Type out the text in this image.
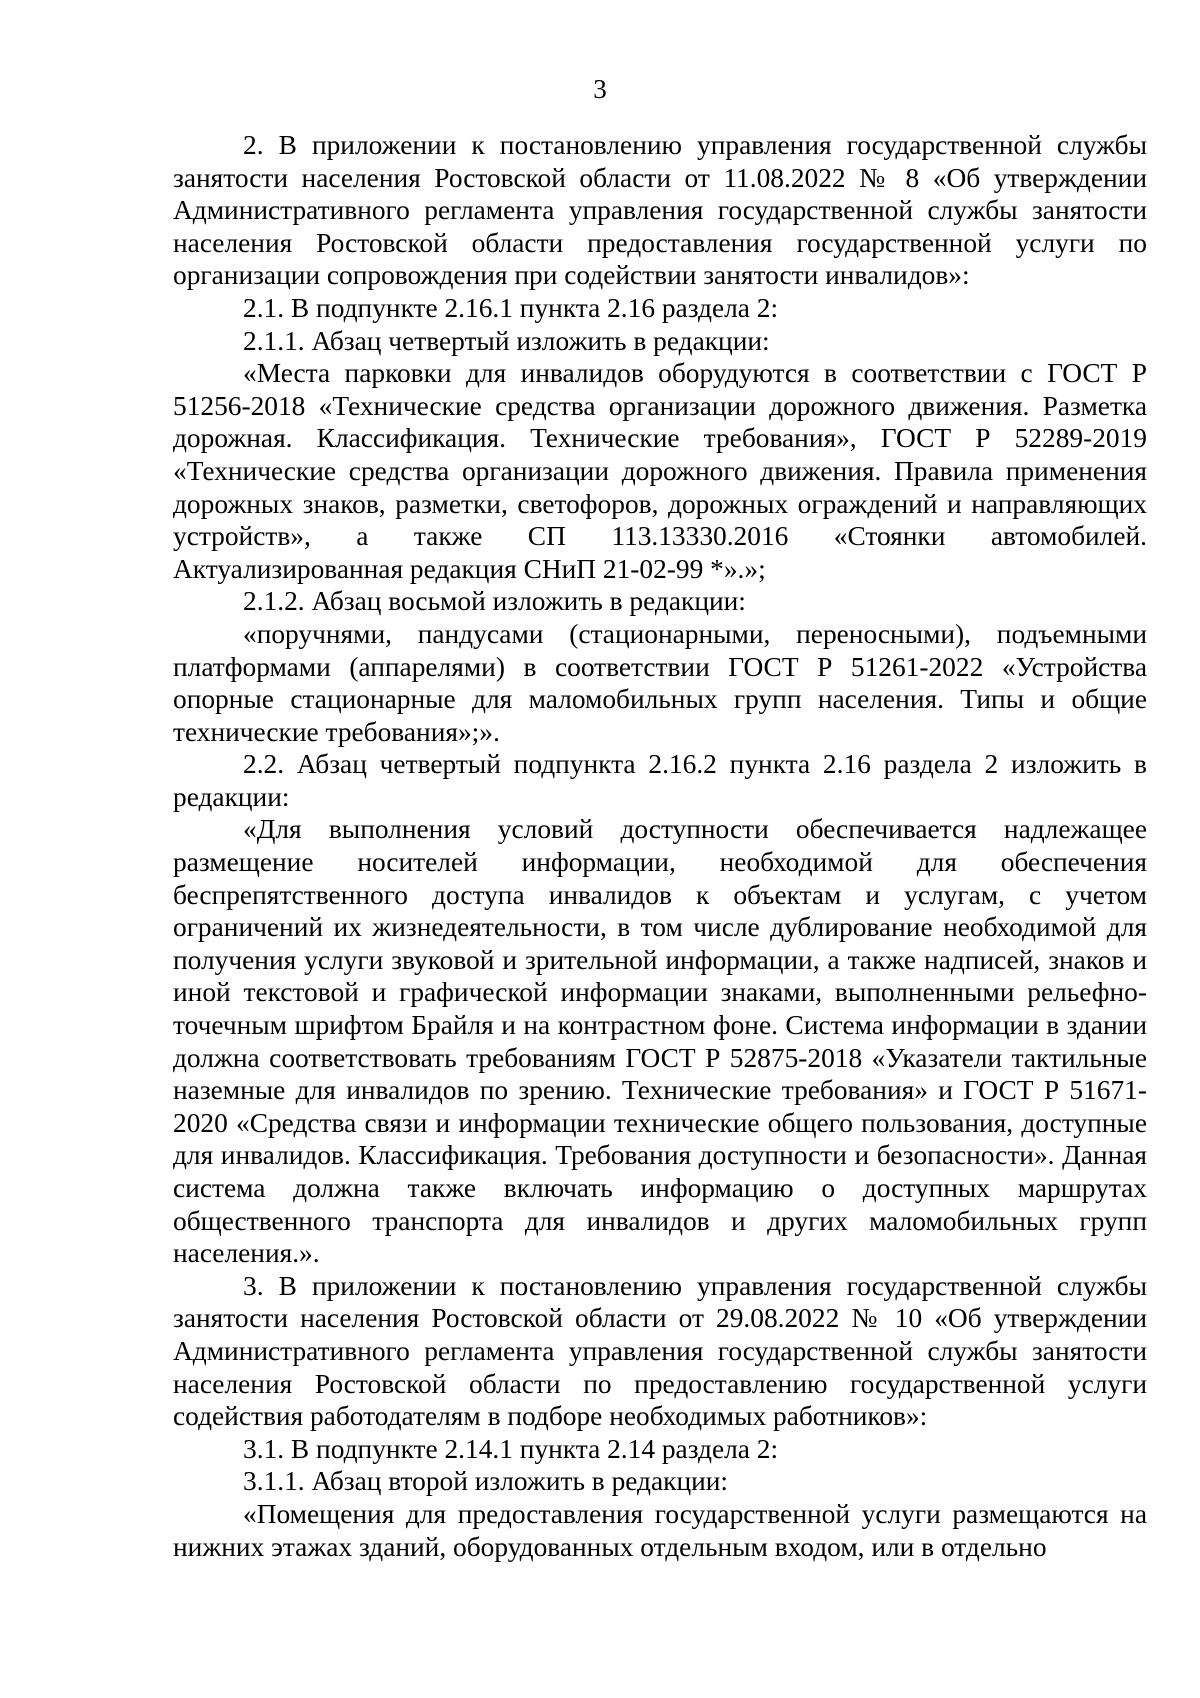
3

2. В приложении к постановлению управления государственной службы занятости населения Ростовской области от 11.08.2022 № 8 «Об утверждении Административного регламента управления государственной службы занятости населения Ростовской области предоставления государственной услуги по организации сопровождения при содействии занятости инвалидов»:

2.1. В подпункте 2.16.1 пункта 2.16 раздела 2:

2.1.1. Абзац четвертый изложить в редакции:

«Места парковки для инвалидов оборудуются в соответствии с ГОСТ Р 51256-2018 «Технические средства организации дорожного движения. Разметка дорожная. Классификация. Технические требования», ГОСТ Р 52289-2019 «Технические средства организации дорожного движения. Правила применения дорожных знаков, разметки, светофоров, дорожных ограждений и направляющих устройств», а также СП 113.13330.2016 «Стоянки автомобилей. Актуализированная редакция СНиП 21-02-99 *».»;

2.1.2. Абзац восьмой изложить в редакции:

«поручнями, пандусами (стационарными, переносными), подъемными платформами (аппарелями) в соответствии ГОСТ Р 51261-2022 «Устройства опорные стационарные для маломобильных групп населения. Типы и общие технические требования»;».

2.2. Абзац четвертый подпункта 2.16.2 пункта 2.16 раздела 2 изложить в редакции:

«Для выполнения условий доступности обеспечивается надлежащее размещение носителей информации, необходимой для обеспечения беспрепятственного доступа инвалидов к объектам и услугам, с учетом ограничений их жизнедеятельности, в том числе дублирование необходимой для получения услуги звуковой и зрительной информации, а также надписей, знаков и иной текстовой и графической информации знаками, выполненными рельефно-точечным шрифтом Брайля и на контрастном фоне. Система информации в здании должна соответствовать требованиям ГОСТ Р 52875-2018 «Указатели тактильные наземные для инвалидов по зрению. Технические требования» и ГОСТ Р 51671-2020 «Средства связи и информации технические общего пользования, доступные для инвалидов. Классификация. Требования доступности и безопасности». Данная система должна также включать информацию о доступных маршрутах общественного транспорта для инвалидов и других маломобильных групп населения.».

3. В приложении к постановлению управления государственной службы занятости населения Ростовской области от 29.08.2022 № 10 «Об утверждении Административного регламента управления государственной службы занятости населения Ростовской области по предоставлению государственной услуги содействия работодателям в подборе необходимых работников»:

3.1. В подпункте 2.14.1 пункта 2.14 раздела 2:

3.1.1. Абзац второй изложить в редакции:

«Помещения для предоставления государственной услуги размещаются на нижних этажах зданий, оборудованных отдельным входом, или в отдельно
